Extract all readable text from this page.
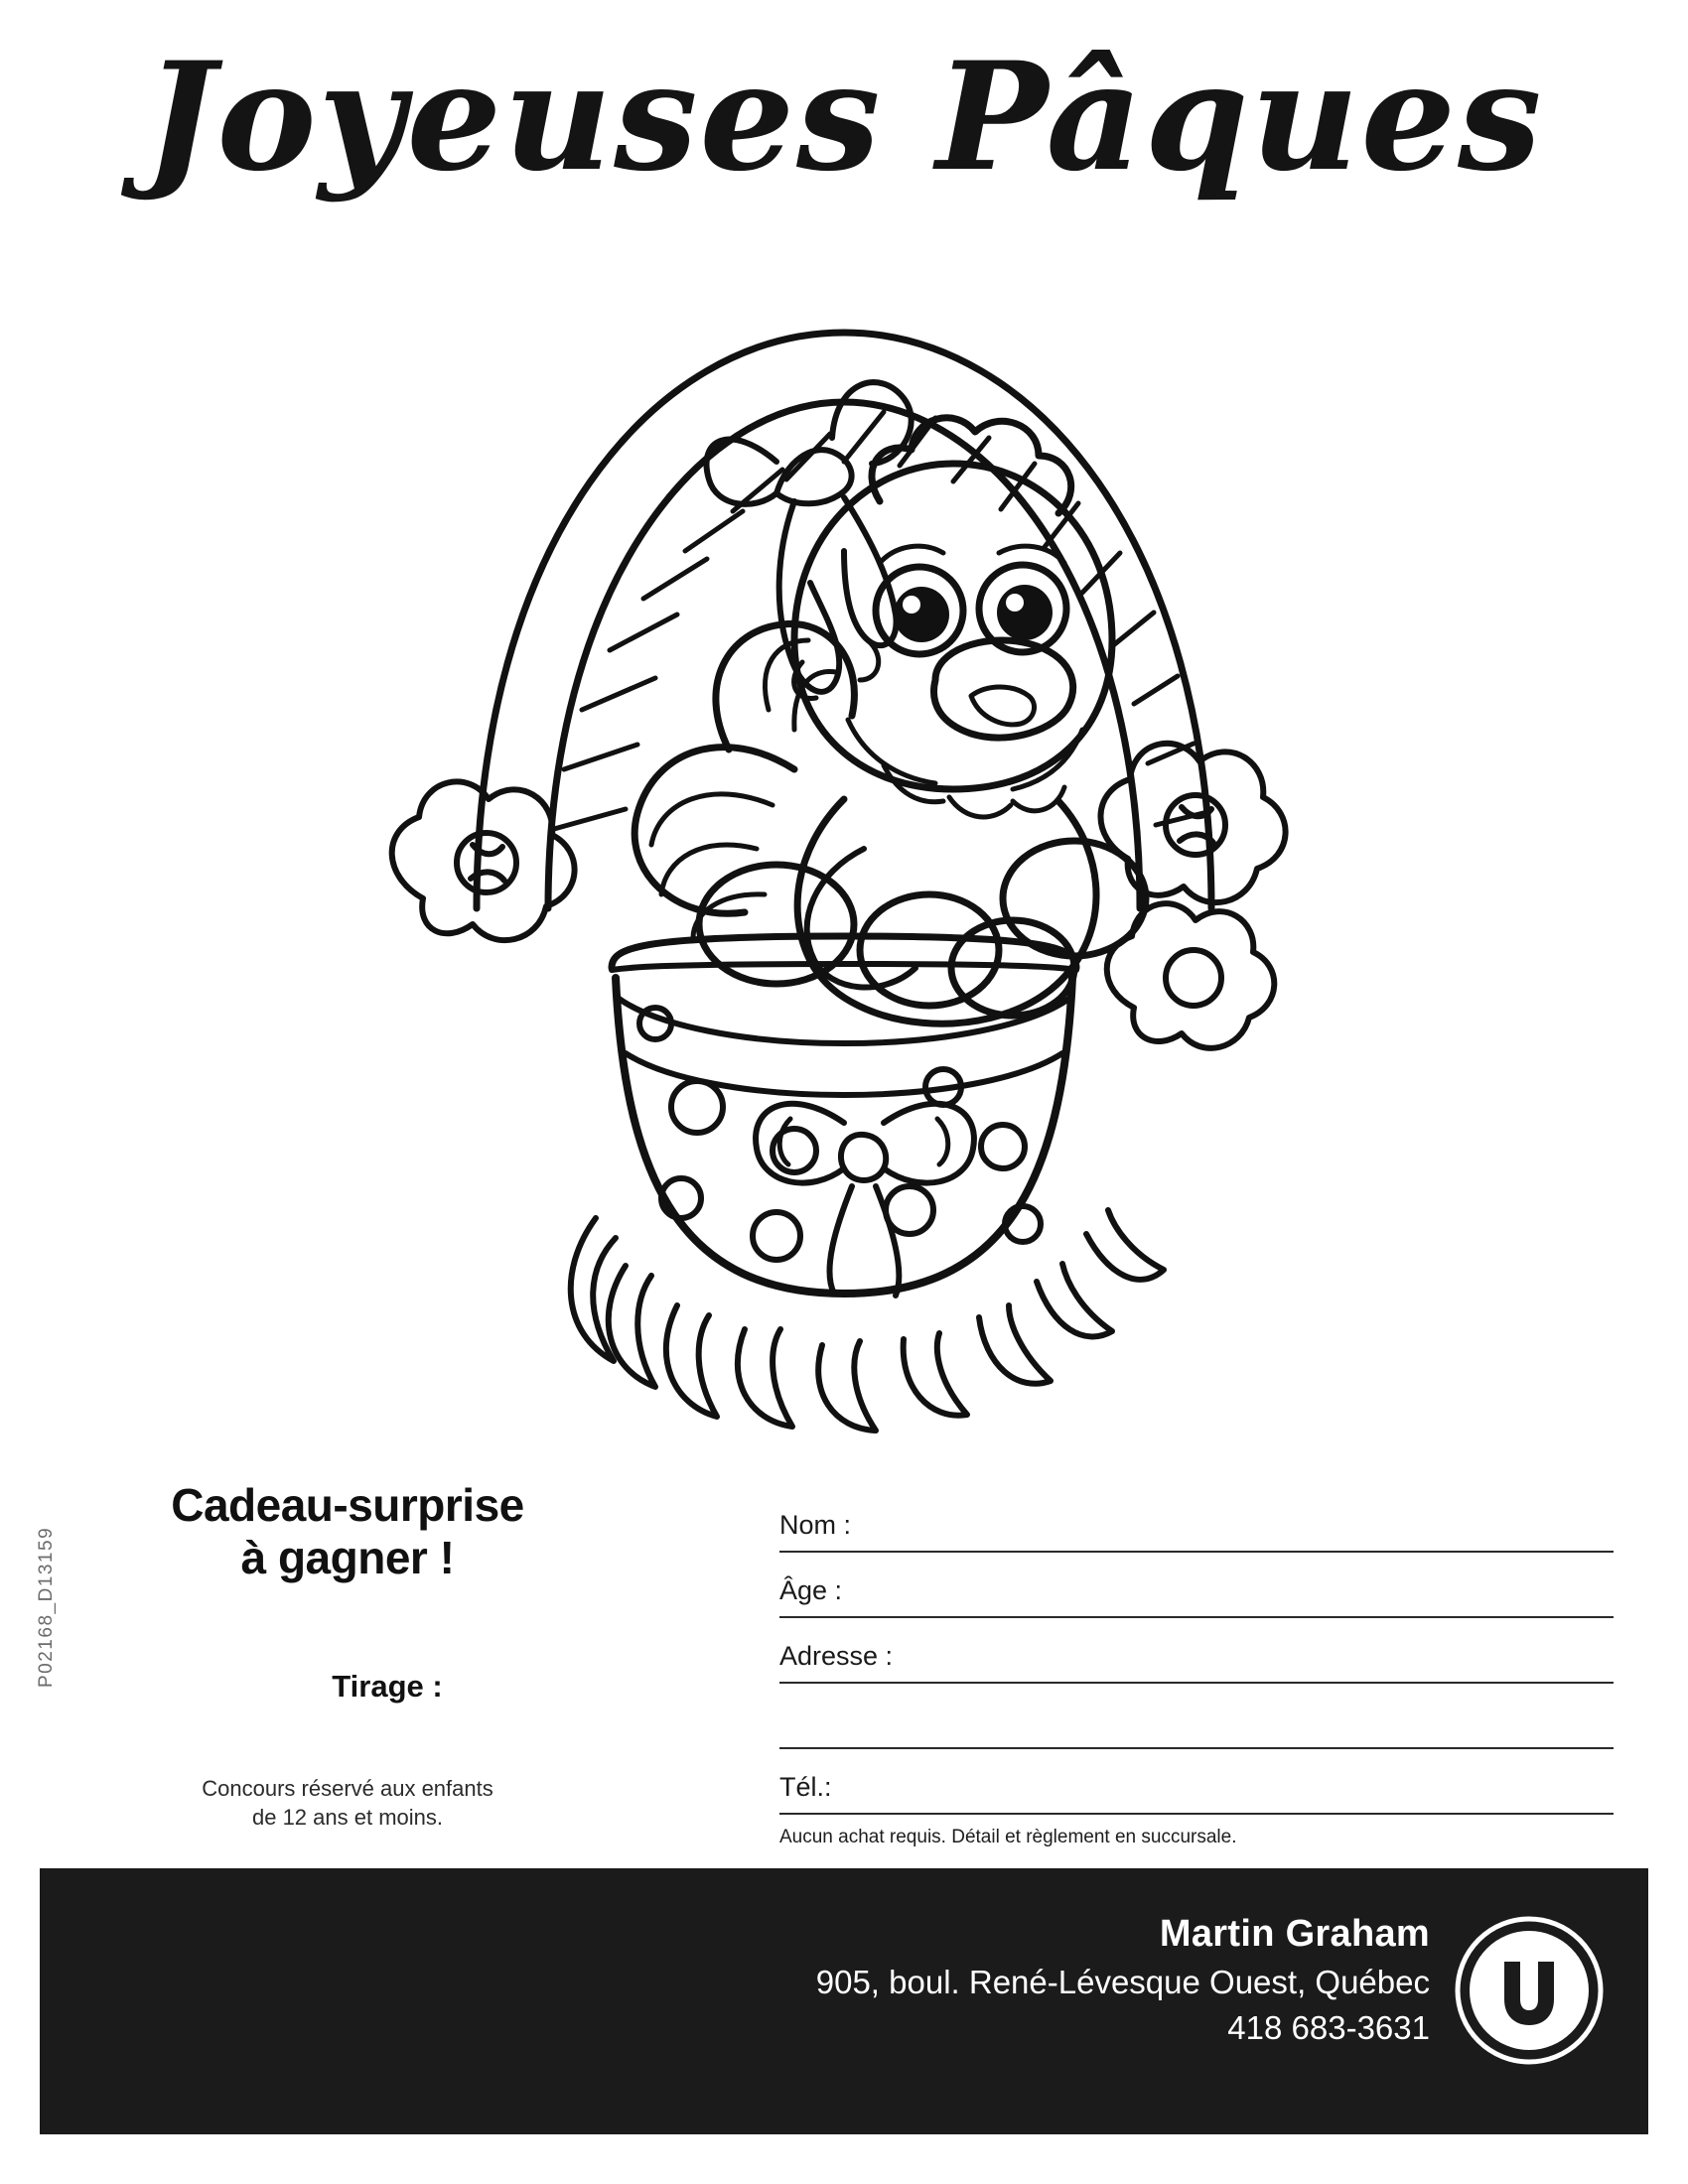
Joyeuses Pâques
P02168_D13159
Cadeau-surprise
à gagner !
Tirage :
Concours réservé aux enfants
de 12 ans et moins.
Nom :
Âge :
Adresse :
Tél.:
Aucun achat requis. Détail et règlement en succursale.
Martin Graham
905, boul. René-Lévesque Ouest, Québec
418 683-3631
